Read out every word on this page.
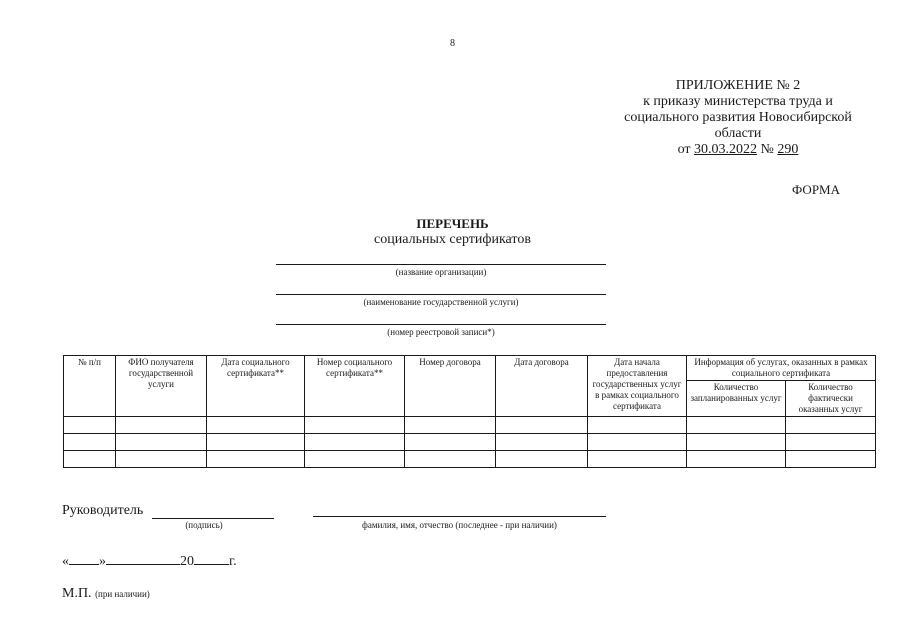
8
ПРИЛОЖЕНИЕ № 2
к приказу министерства труда и
социального развития Новосибирской
области
от 30.03.2022 № 290
ФОРМА
ПЕРЕЧЕНЬ
социальных сертификатов
(название организации)
(наименование государственной услуги)
(номер реестровой записи*)
№ п/п	ФИО получателя государственной услуги	Дата социального сертификата**	Номер социального сертификата**	Номер договора	Дата договора	Дата начала предоставления государственных услуг в рамках социального сертификата	Информация об услугах, оказанных в рамках социального сертификата	
							Количество запланированных услуг	Количество фактически оказанных услуг

Руководитель
(подпись)	фамилия, имя, отчество (последнее - при наличии)
« »	20	г.
М.П. (при наличии)
